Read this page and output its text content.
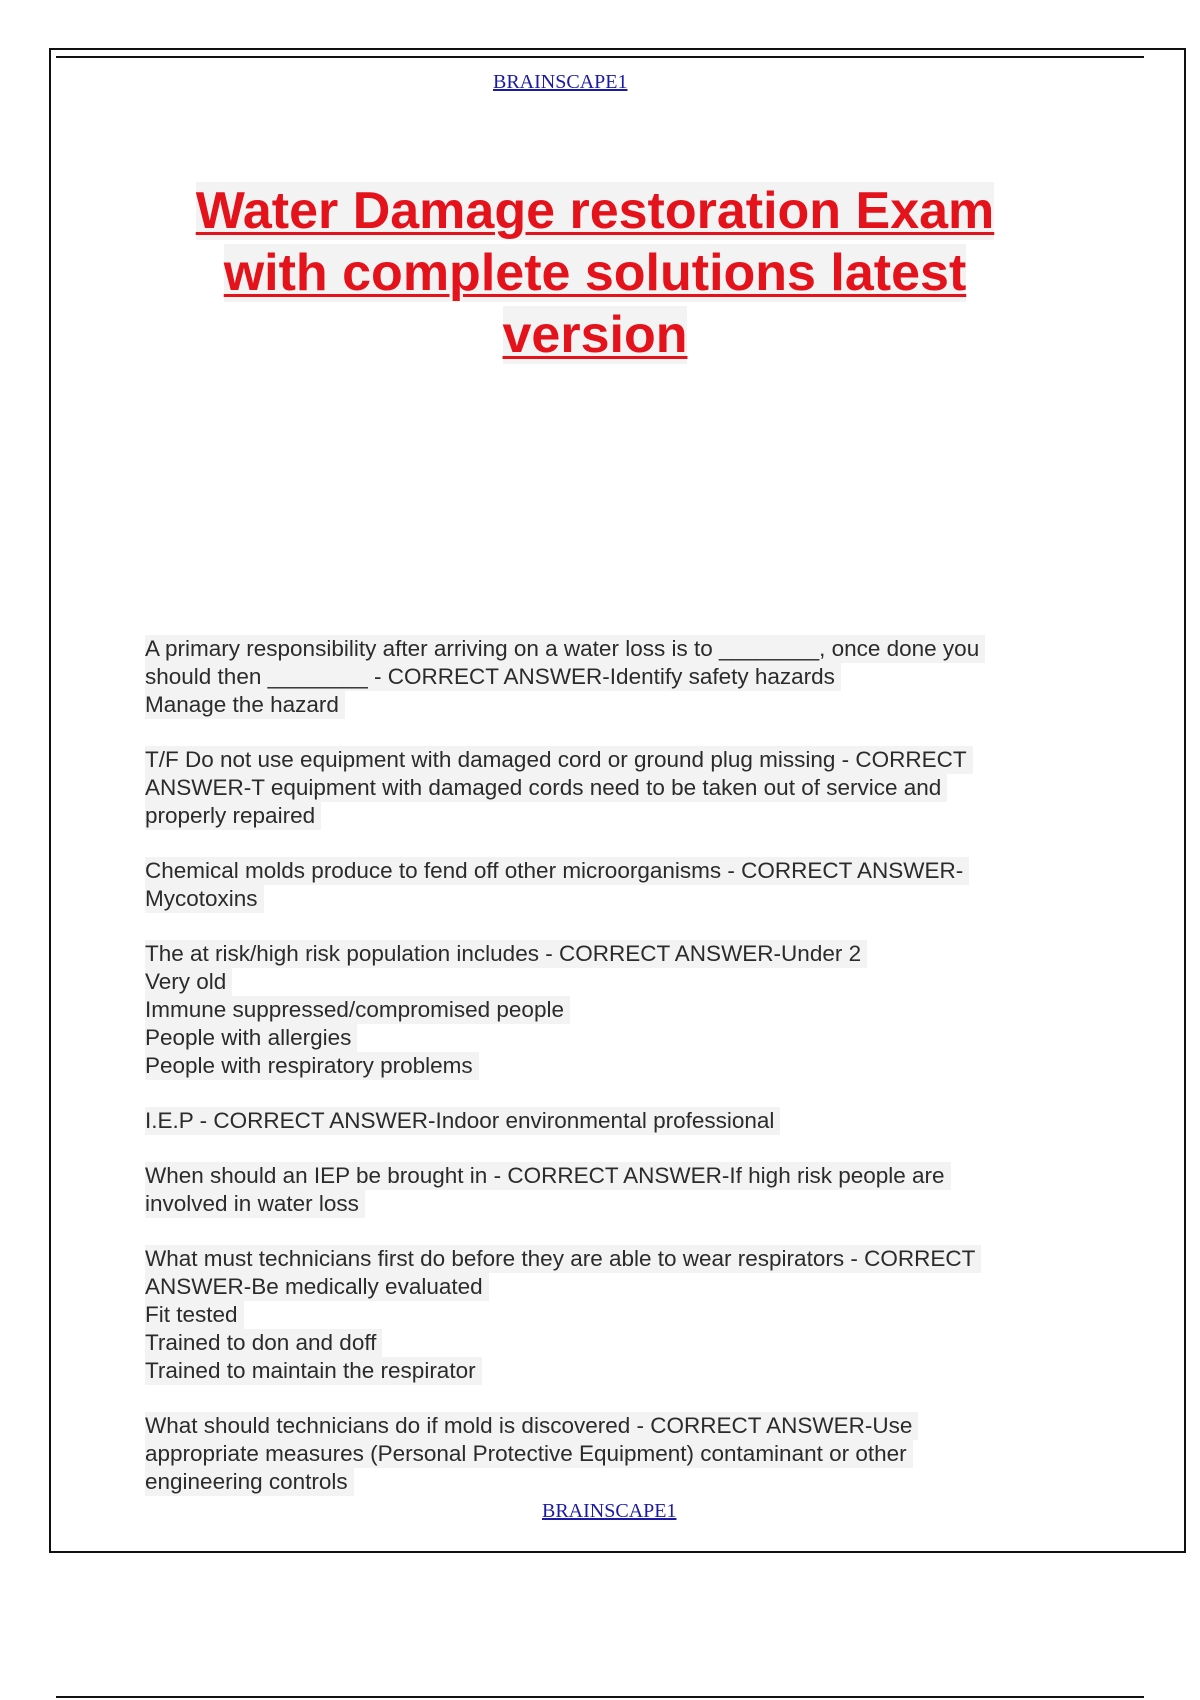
BRAINSCAPE1
Water Damage restoration Exam
with complete solutions latest
version
A primary responsibility after arriving on a water loss is to ________, once done you
should then ________ - CORRECT ANSWER-Identify safety hazards
Manage the hazard
T/F Do not use equipment with damaged cord or ground plug missing - CORRECT
ANSWER-T equipment with damaged cords need to be taken out of service and
properly repaired
Chemical molds produce to fend off other microorganisms - CORRECT ANSWER-
Mycotoxins
The at risk/high risk population includes - CORRECT ANSWER-Under 2
Very old
Immune suppressed/compromised people
People with allergies
People with respiratory problems
I.E.P - CORRECT ANSWER-Indoor environmental professional
When should an IEP be brought in - CORRECT ANSWER-If high risk people are
involved in water loss
What must technicians first do before they are able to wear respirators - CORRECT
ANSWER-Be medically evaluated
Fit tested
Trained to don and doff
Trained to maintain the respirator
What should technicians do if mold is discovered - CORRECT ANSWER-Use
appropriate measures (Personal Protective Equipment) contaminant or other
engineering controls
BRAINSCAPE1
